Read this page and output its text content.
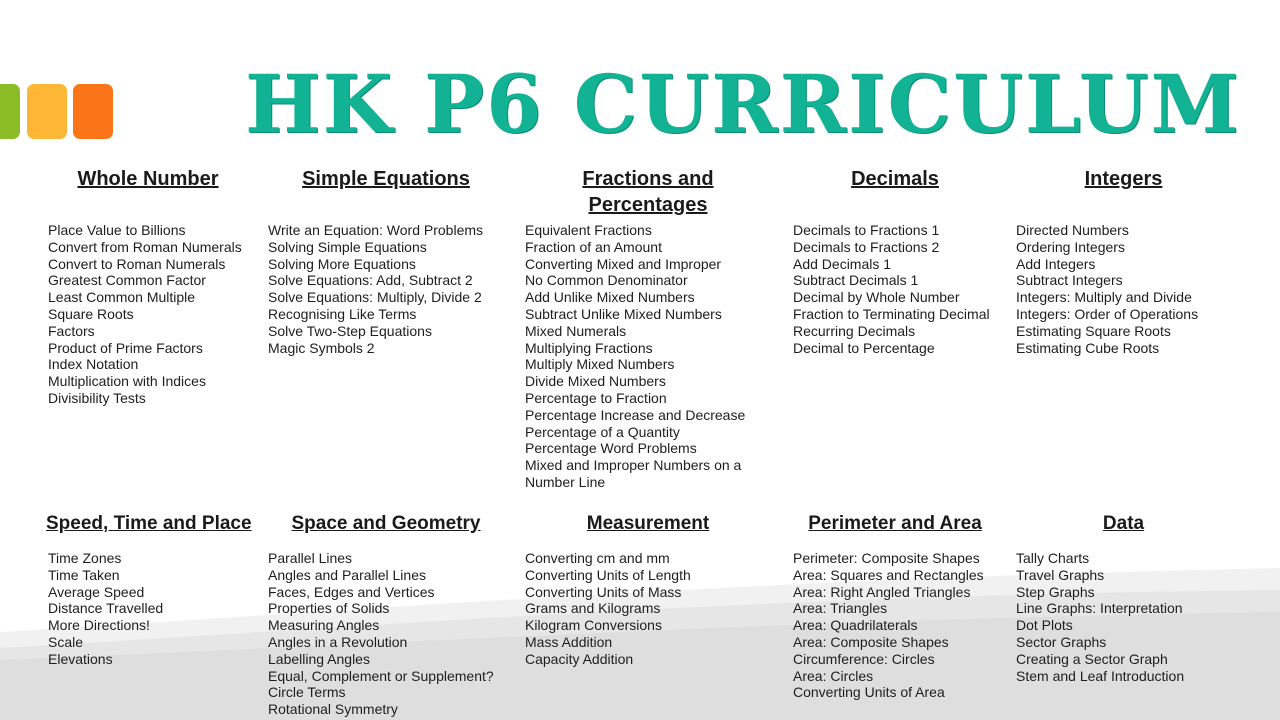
HK P6 CURRICULUM
Whole Number
Place Value to Billions
Convert from Roman Numerals
Convert to Roman Numerals
Greatest Common Factor
Least Common Multiple
Square Roots
Factors
Product of Prime Factors
Index Notation
Multiplication with Indices
Divisibility Tests
Simple Equations
Write an Equation: Word Problems
Solving Simple Equations
Solving More Equations
Solve Equations: Add, Subtract 2
Solve Equations: Multiply, Divide 2
Recognising Like Terms
Solve Two-Step Equations
Magic Symbols 2
Fractions and Percentages
Equivalent Fractions
Fraction of an Amount
Converting Mixed and Improper
No Common Denominator
Add Unlike Mixed Numbers
Subtract Unlike Mixed Numbers
Mixed Numerals
Multiplying Fractions
Multiply Mixed Numbers
Divide Mixed Numbers
Percentage to Fraction
Percentage Increase and Decrease
Percentage of a Quantity
Percentage Word Problems
Mixed and Improper Numbers on a Number Line
Decimals
Decimals to Fractions 1
Decimals to Fractions 2
Add Decimals 1
Subtract Decimals 1
Decimal by Whole Number
Fraction to Terminating Decimal
Recurring Decimals
Decimal to Percentage
Integers
Directed Numbers
Ordering Integers
Add Integers
Subtract Integers
Integers: Multiply and Divide
Integers: Order of Operations
Estimating Square Roots
Estimating Cube Roots
Speed, Time and Place
Time Zones
Time Taken
Average Speed
Distance Travelled
More Directions!
Scale
Elevations
Space and Geometry
Parallel Lines
Angles and Parallel Lines
Faces, Edges and Vertices
Properties of Solids
Measuring Angles
Angles in a Revolution
Labelling Angles
Equal, Complement or Supplement?
Circle Terms
Rotational Symmetry
Measurement
Converting cm and mm
Converting Units of Length
Converting Units of Mass
Grams and Kilograms
Kilogram Conversions
Mass Addition
Capacity Addition
Perimeter and Area
Perimeter: Composite Shapes
Area: Squares and Rectangles
Area: Right Angled Triangles
Area: Triangles
Area: Quadrilaterals
Area: Composite Shapes
Circumference: Circles
Area: Circles
Converting Units of Area
Data
Tally Charts
Travel Graphs
Step Graphs
Line Graphs: Interpretation
Dot Plots
Sector Graphs
Creating a Sector Graph
Stem and Leaf Introduction
